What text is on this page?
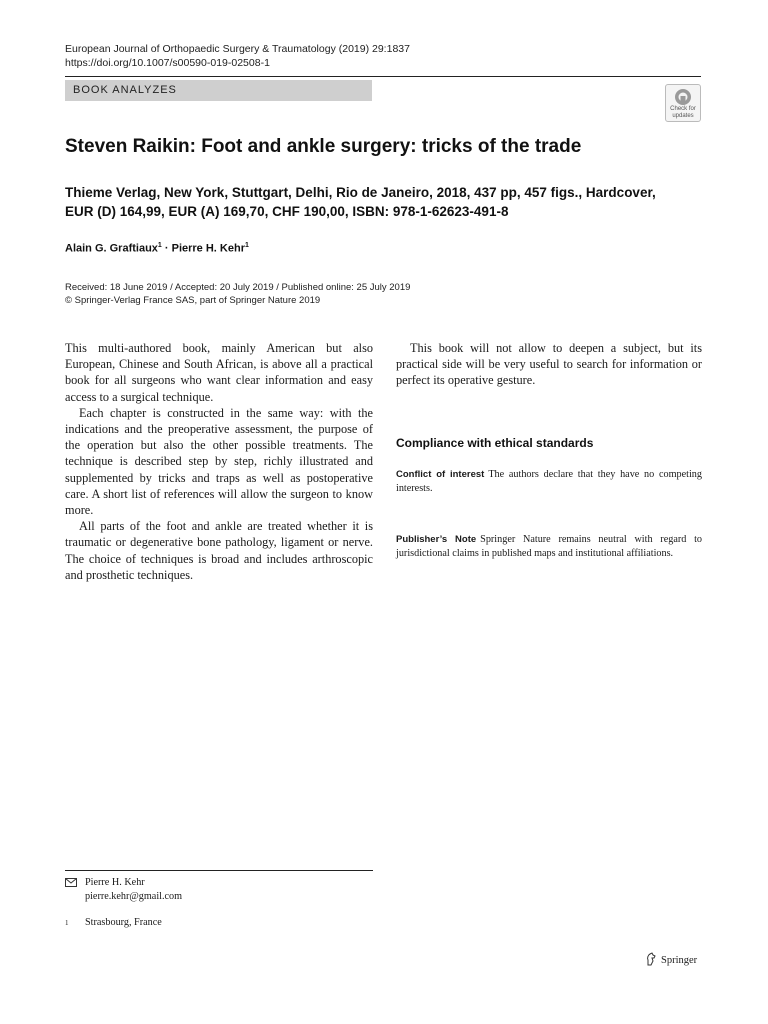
European Journal of Orthopaedic Surgery & Traumatology (2019) 29:1837
https://doi.org/10.1007/s00590-019-02508-1
BOOK ANALYZES
Check for
updates
Steven Raikin: Foot and ankle surgery: tricks of the trade
Thieme Verlag, New York, Stuttgart, Delhi, Rio de Janeiro, 2018, 437 pp, 457 figs., Hardcover,
EUR (D) 164,99, EUR (A) 169,70, CHF 190,00, ISBN: 978-1-62623-491-8
Alain G. Graftiaux$^1$ · Pierre H. Kehr$^1$
Received: 18 June 2019 / Accepted: 20 July 2019 / Published online: 25 July 2019
© Springer-Verlag France SAS, part of Springer Nature 2019

This multi-authored book, mainly American but also European, Chinese and South African, is above all a practical book for all surgeons who want clear information and easy access to a surgical technique.

Each chapter is constructed in the same way: with the indications and the preoperative assessment, the purpose of the operation but also the other possible treatments. The technique is described step by step, richly illustrated and supplemented by tricks and traps as well as postoperative care. A short list of references will allow the surgeon to know more.

All parts of the foot and ankle are treated whether it is traumatic or degenerative bone pathology, ligament or nerve. The choice of techniques is broad and includes arthroscopic and prosthetic techniques.

This book will not allow to deepen a subject, but its practical side will be very useful to search for information or perfect its operative gesture.

Compliance with ethical standards
Conflict of interest The authors declare that they have no competing interests.
Publisher’s Note Springer Nature remains neutral with regard to jurisdictional claims in published maps and institutional affiliations.
Pierre H. Kehr
pierre.kehr@gmail.com
1 Strasbourg, France
Springer
